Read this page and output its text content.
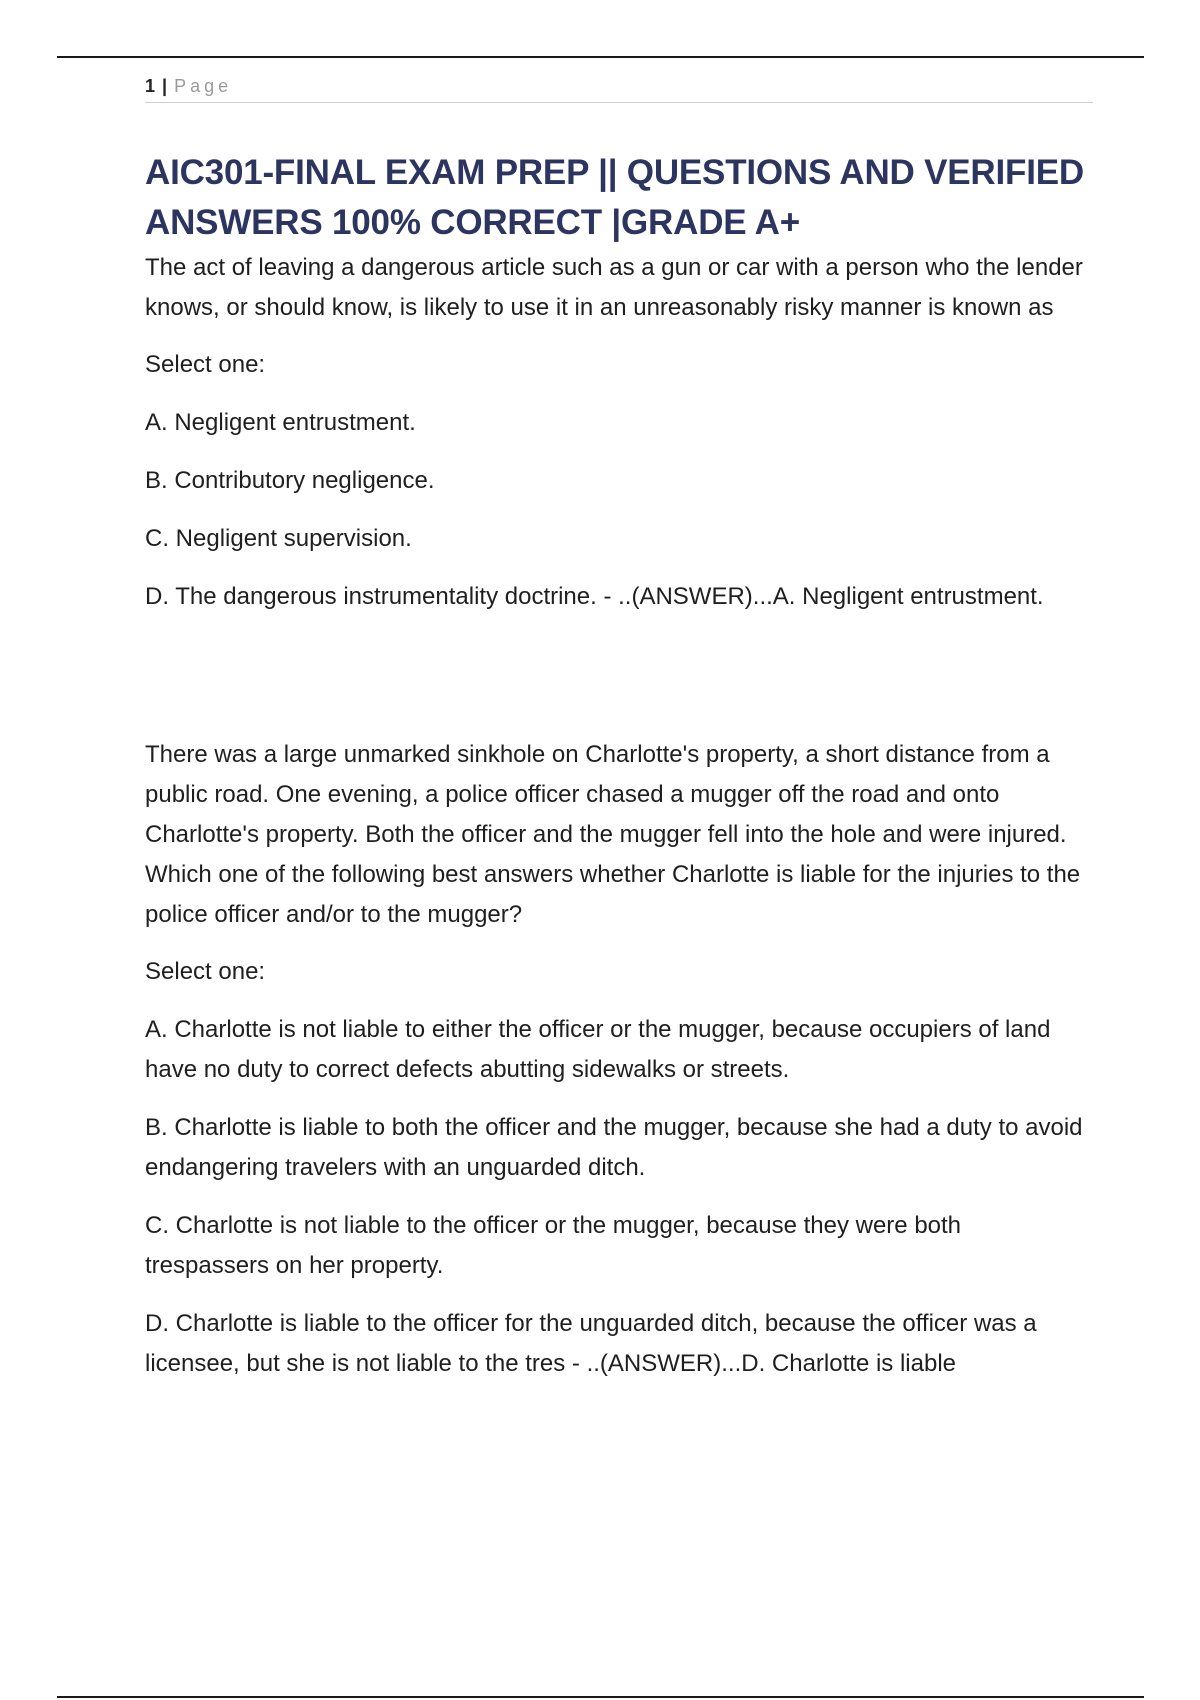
1 | Page
AIC301-FINAL EXAM PREP || QUESTIONS AND VERIFIED ANSWERS 100% CORRECT |GRADE A+

The act of leaving a dangerous article such as a gun or car with a person who the lender knows, or should know, is likely to use it in an unreasonably risky manner is known as

Select one:

A. Negligent entrustment.

B. Contributory negligence.

C. Negligent supervision.

D. The dangerous instrumentality doctrine. - ..(ANSWER)...A. Negligent entrustment.

There was a large unmarked sinkhole on Charlotte's property, a short distance from a public road. One evening, a police officer chased a mugger off the road and onto Charlotte's property. Both the officer and the mugger fell into the hole and were injured. Which one of the following best answers whether Charlotte is liable for the injuries to the police officer and/or to the mugger?

Select one:

A. Charlotte is not liable to either the officer or the mugger, because occupiers of land have no duty to correct defects abutting sidewalks or streets.

B. Charlotte is liable to both the officer and the mugger, because she had a duty to avoid endangering travelers with an unguarded ditch.

C. Charlotte is not liable to the officer or the mugger, because they were both trespassers on her property.

D. Charlotte is liable to the officer for the unguarded ditch, because the officer was a licensee, but she is not liable to the tres - ..(ANSWER)...D. Charlotte is liable
